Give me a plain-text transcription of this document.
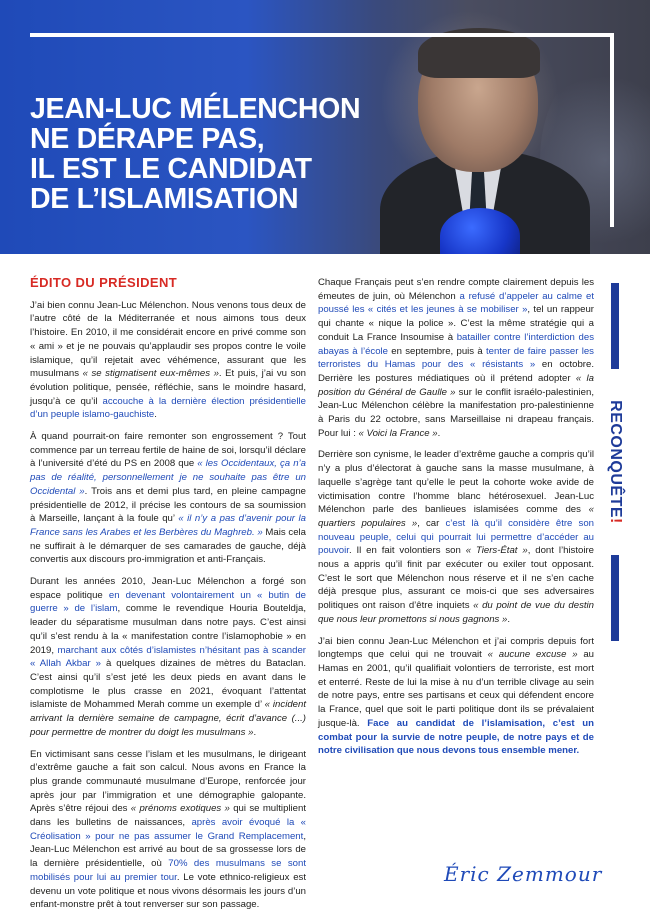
JEAN-LUC MÉLENCHON
NE DÉRAPE PAS,
IL EST LE CANDIDAT
DE L’ISLAMISATION
ÉDITO DU PRÉSIDENT

J’ai bien connu Jean-Luc Mélenchon. Nous venons tous deux de l’autre côté de la Méditerranée et nous aimons tous deux l’histoire. En 2010, il me considérait encore en privé comme son « ami » et je ne pouvais qu’applaudir ses propos contre le voile islamique, qu’il rejetait avec véhémence, assurant que les musulmans « se stigmatisent eux-mêmes ». Et puis, j’ai vu son évolution politique, pensée, réfléchie, sans le moindre hasard, jusqu’à ce qu’il accouche à la dernière élection présidentielle d’un peuple islamo-gauchiste.

À quand pourrait-on faire remonter son engrossement ? Tout commence par un terreau fertile de haine de soi, lorsqu’il déclare à l’université d’été du PS en 2008 que « les Occidentaux, ça n’a pas de réalité, personnellement je ne souhaite pas être un Occidental ». Trois ans et demi plus tard, en pleine campagne présidentielle de 2012, il précise les contours de sa soumission à Marseille, lançant à la foule qu’ « il n’y a pas d’avenir pour la France sans les Arabes et les Berbères du Maghreb. » Mais cela ne suffirait à le démarquer de ses camarades de gauche, déjà convertis aux discours pro-immigration et anti-Français.

Durant les années 2010, Jean-Luc Mélenchon a forgé son espace politique en devenant volontairement un « butin de guerre » de l’islam, comme le revendique Houria Bouteldja, leader du séparatisme musulman dans notre pays. C’est ainsi qu’il s’est rendu à la « manifestation contre l’islamophobie » en 2019, marchant aux côtés d’islamistes n’hésitant pas à scander « Allah Akbar » à quelques dizaines de mètres du Bataclan. C’est ainsi qu’il s’est jeté les deux pieds en avant dans le complotisme le plus crasse en 2021, évoquant l’attentat islamiste de Mohammed Merah comme un exemple d’ « incident arrivant la dernière semaine de campagne, écrit d’avance (...) pour permettre de montrer du doigt les musulmans ».

En victimisant sans cesse l’islam et les musulmans, le dirigeant d’extrême gauche a fait son calcul. Nous avons en France la plus grande communauté musulmane d’Europe, renforcée jour après jour par l’immigration et une démographie galopante. Après s’être réjoui des « prénoms exotiques » qui se multiplient dans les bulletins de naissances, après avoir évoqué la « Créolisation » pour ne pas assumer le Grand Remplacement, Jean-Luc Mélenchon est arrivé au bout de sa grossesse lors de la dernière présidentielle, où 70% des musulmans se sont mobilisés pour lui au premier tour. Le vote ethnico-religieux est devenu un vote politique et nous vivons désormais les jours d’un enfant-monstre prêt à tout renverser sur son passage.

Chaque Français peut s’en rendre compte clairement depuis les émeutes de juin, où Mélenchon a refusé d’appeler au calme et poussé les « cités et les jeunes à se mobiliser », tel un rappeur qui chante « nique la police ». C’est la même stratégie qui a conduit La France Insoumise à batailler contre l’interdiction des abayas à l’école en septembre, puis à tenter de faire passer les terroristes du Hamas pour des « résistants » en octobre. Derrière les postures médiatiques où il prétend adopter « la position du Général de Gaulle » sur le conflit israélo-palestinien, Jean-Luc Mélenchon célèbre la manifestation pro-palestinienne à Paris du 22 octobre, sans Marseillaise ni drapeau français. Pour lui : « Voici la France ».

Derrière son cynisme, le leader d’extrême gauche a compris qu’il n’y a plus d’électorat à gauche sans la masse musulmane, à laquelle s’agrège tant qu’elle le peut la cohorte woke avide de victimisation contre l’homme blanc hétérosexuel. Jean-Luc Mélenchon parle des banlieues islamisées comme des « quartiers populaires », car c’est là qu’il considère être son nouveau peuple, celui qui pourrait lui permettre d’accéder au pouvoir. Il en fait volontiers son « Tiers-État », dont l’histoire nous a appris qu’il finit par exécuter ou exiler tout opposant. C’est le sort que Mélenchon nous réserve et il ne s’en cache déjà presque plus, assurant ce mois-ci que ses adversaires politiques ont raison d’être inquiets « du point de vue du destin que nous leur promettons si nous gagnons ».

J’ai bien connu Jean-Luc Mélenchon et j’ai compris depuis fort longtemps que celui qui ne trouvait « aucune excuse » au Hamas en 2001, qu’il qualifiait volontiers de terroriste, est mort et enterré. Reste de lui la mise à nu d’un terrible clivage au sein de notre pays, entre ses partisans et ceux qui défendent encore la France, quel que soit le parti politique dont ils se prévalaient jusque-là. Face au candidat de l’islamisation, c’est un combat pour la survie de notre peuple, de notre pays et de notre civilisation que nous devons tous ensemble mener.

RECONQUÊTE!
Éric Zemmour
